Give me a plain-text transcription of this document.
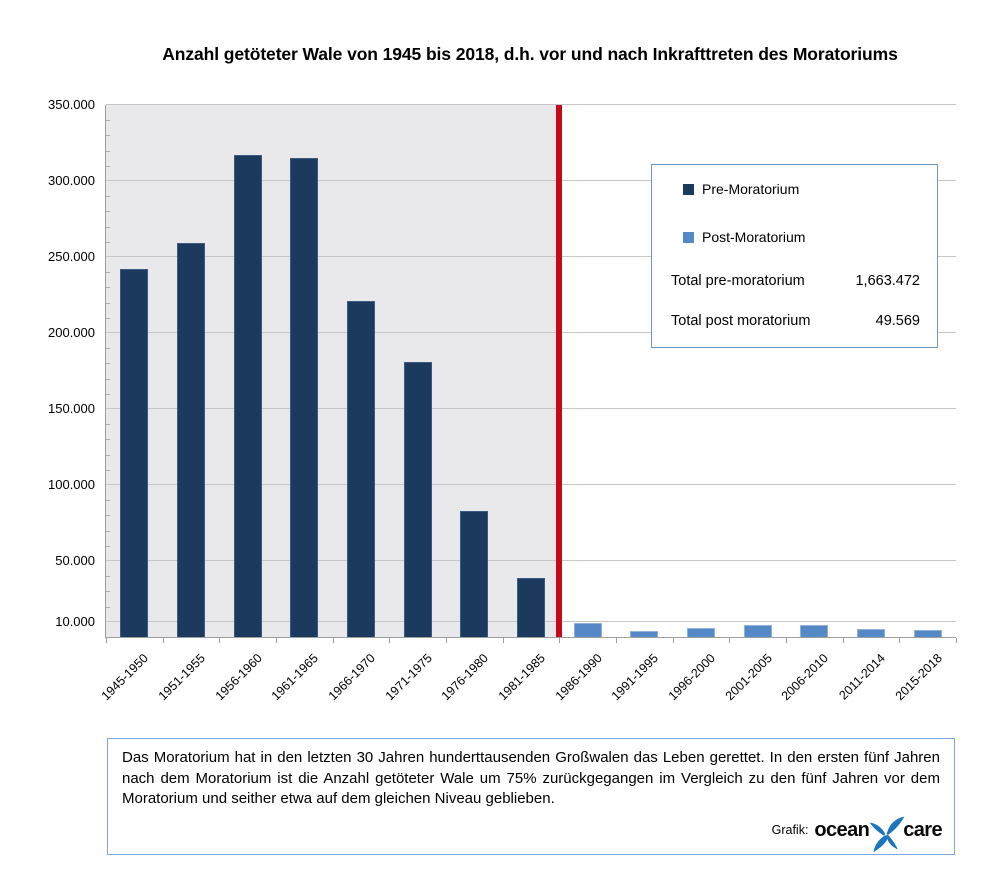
Anzahl getöteter Wale von 1945 bis 2018, d.h. vor und nach Inkrafttreten des Moratoriums
10.000
50.000
100.000
150.000
200.000
250.000
300.000
350.000
1945-1950 1951-1955 1956-1960 1961-1965 1966-1970 1971-1975 1976-1980 1981-1985 1986-1990 1991-1995 1996-2000 2001-2005 2006-2010 2011-2014 2015-2018
Pre-Moratorium
Post-Moratorium
Total pre-moratorium	1,663.472
Total post moratorium	49.569
Das Moratorium hat in den letzten 30 Jahren hunderttausenden Großwalen das Leben gerettet. In den ersten fünf Jahren nach dem Moratorium ist die Anzahl getöteter Wale um 75% zurückgegangen im Vergleich zu den fünf Jahren vor dem Moratorium und seither etwa auf dem gleichen Niveau geblieben.
Grafik: ocean care
